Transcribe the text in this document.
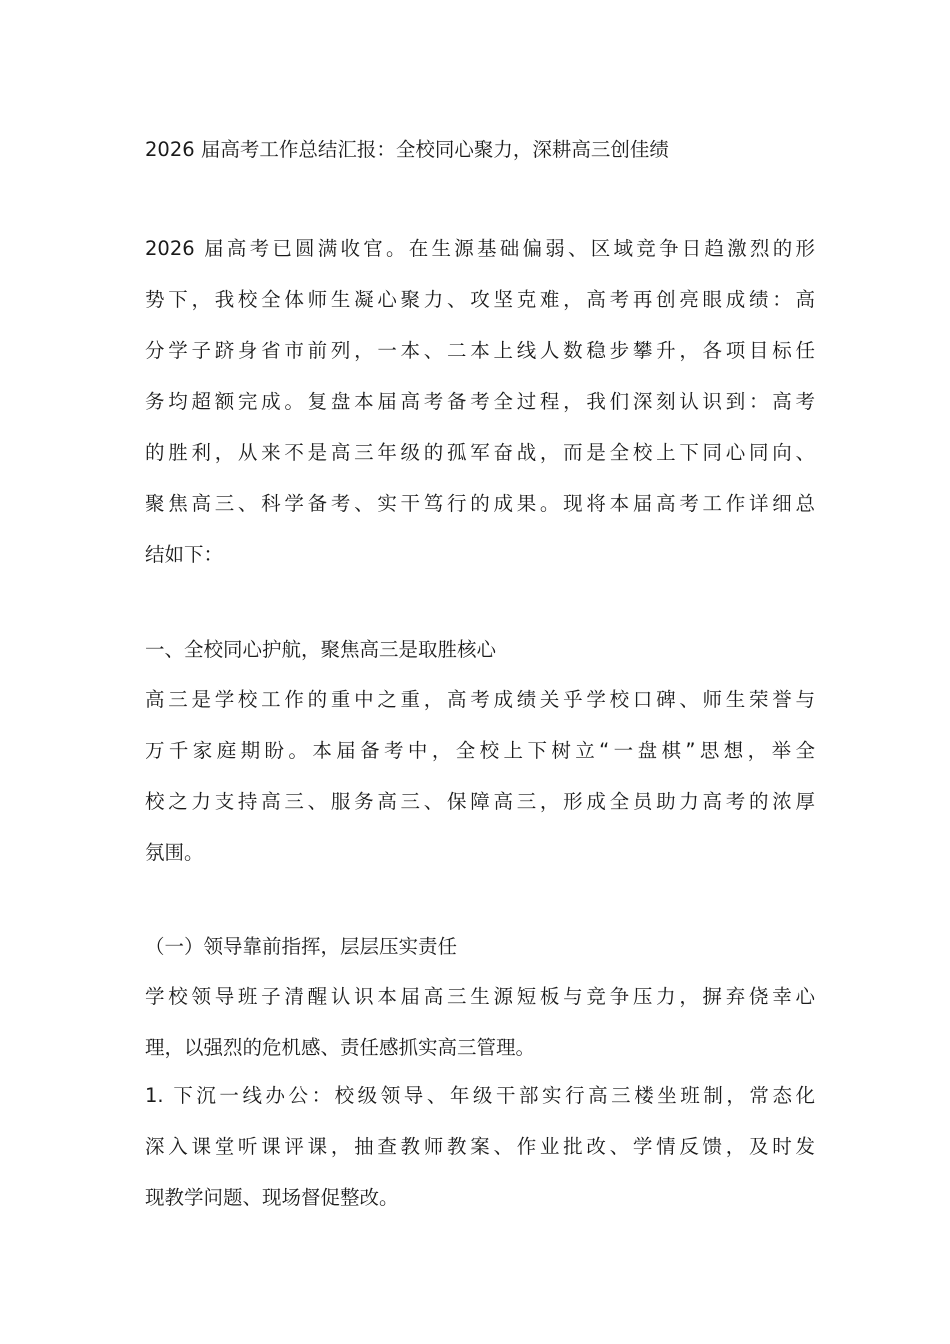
2026 届高考工作总结汇报：全校同心聚力，深耕高三创佳绩

2026 届高考已圆满收官。在生源基础偏弱、区域竞争日趋激烈的形

势下，我校全体师生凝心聚力、攻坚克难，高考再创亮眼成绩：高

分学子跻身省市前列，一本、二本上线人数稳步攀升，各项目标任

务均超额完成。复盘本届高考备考全过程，我们深刻认识到：高考

的胜利，从来不是高三年级的孤军奋战，而是全校上下同心同向、

聚焦高三、科学备考、实干笃行的成果。现将本届高考工作详细总

结如下：

一、全校同心护航，聚焦高三是取胜核心

高三是学校工作的重中之重，高考成绩关乎学校口碑、师生荣誉与

万千家庭期盼。本届备考中，全校上下树立“一盘棋”思想，举全

校之力支持高三、服务高三、保障高三，形成全员助力高考的浓厚

氛围。

（一）领导靠前指挥，层层压实责任

学校领导班子清醒认识本届高三生源短板与竞争压力，摒弃侥幸心

理，以强烈的危机感、责任感抓实高三管理。

1. 下沉一线办公：校级领导、年级干部实行高三楼坐班制，常态化

深入课堂听课评课，抽查教师教案、作业批改、学情反馈，及时发

现教学问题、现场督促整改。
